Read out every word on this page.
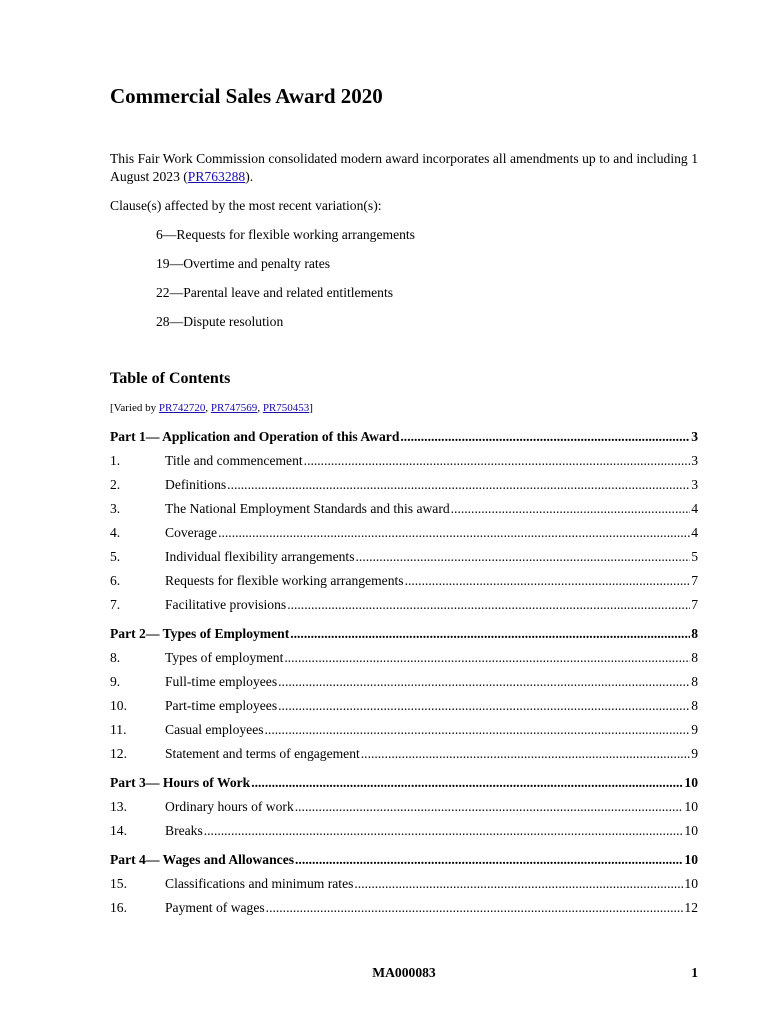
Commercial Sales Award 2020

This Fair Work Commission consolidated modern award incorporates all amendments up to and including 1 August 2023 (PR763288).

Clause(s) affected by the most recent variation(s):

6—Requests for flexible working arrangements
19—Overtime and penalty rates
22—Parental leave and related entitlements
28—Dispute resolution
Table of Contents

[Varied by PR742720, PR747569, PR750453]

Part 1— Application and Operation of this Award .....	3
1.	Title and commencement .....	3
2.	Definitions .....	3
3.	The National Employment Standards and this award .....	4
4.	Coverage .....	4
5.	Individual flexibility arrangements .....	5
6.	Requests for flexible working arrangements .....	7
7.	Facilitative provisions .....	7
Part 2— Types of Employment .....	8
8.	Types of employment .....	8
9.	Full-time employees .....	8
10.	Part-time employees .....	8
11.	Casual employees .....	9
12.	Statement and terms of engagement .....	9
Part 3— Hours of Work .....	10
13.	Ordinary hours of work .....	10
14.	Breaks .....	10
Part 4— Wages and Allowances .....	10
15.	Classifications and minimum rates .....	10
16.	Payment of wages .....	12
MA000083	1
